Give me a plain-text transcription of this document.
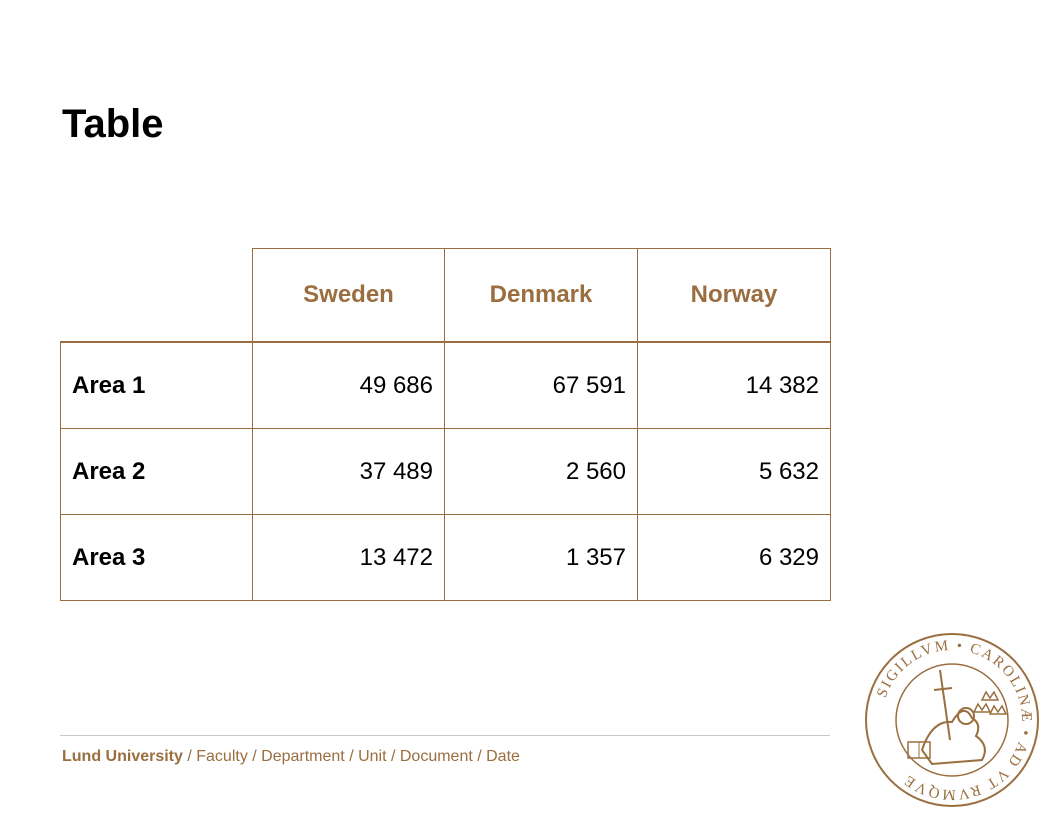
Table
	Sweden	Denmark	Norway
Area 1	49 686	67 591	14 382
Area 2	37 489	2 560	5 632
Area 3	13 472	1 357	6 329
Lund University / Faculty / Department / Unit / Document / Date
SIGILLVM • CAROLINÆ • AD VT RVMQVE
